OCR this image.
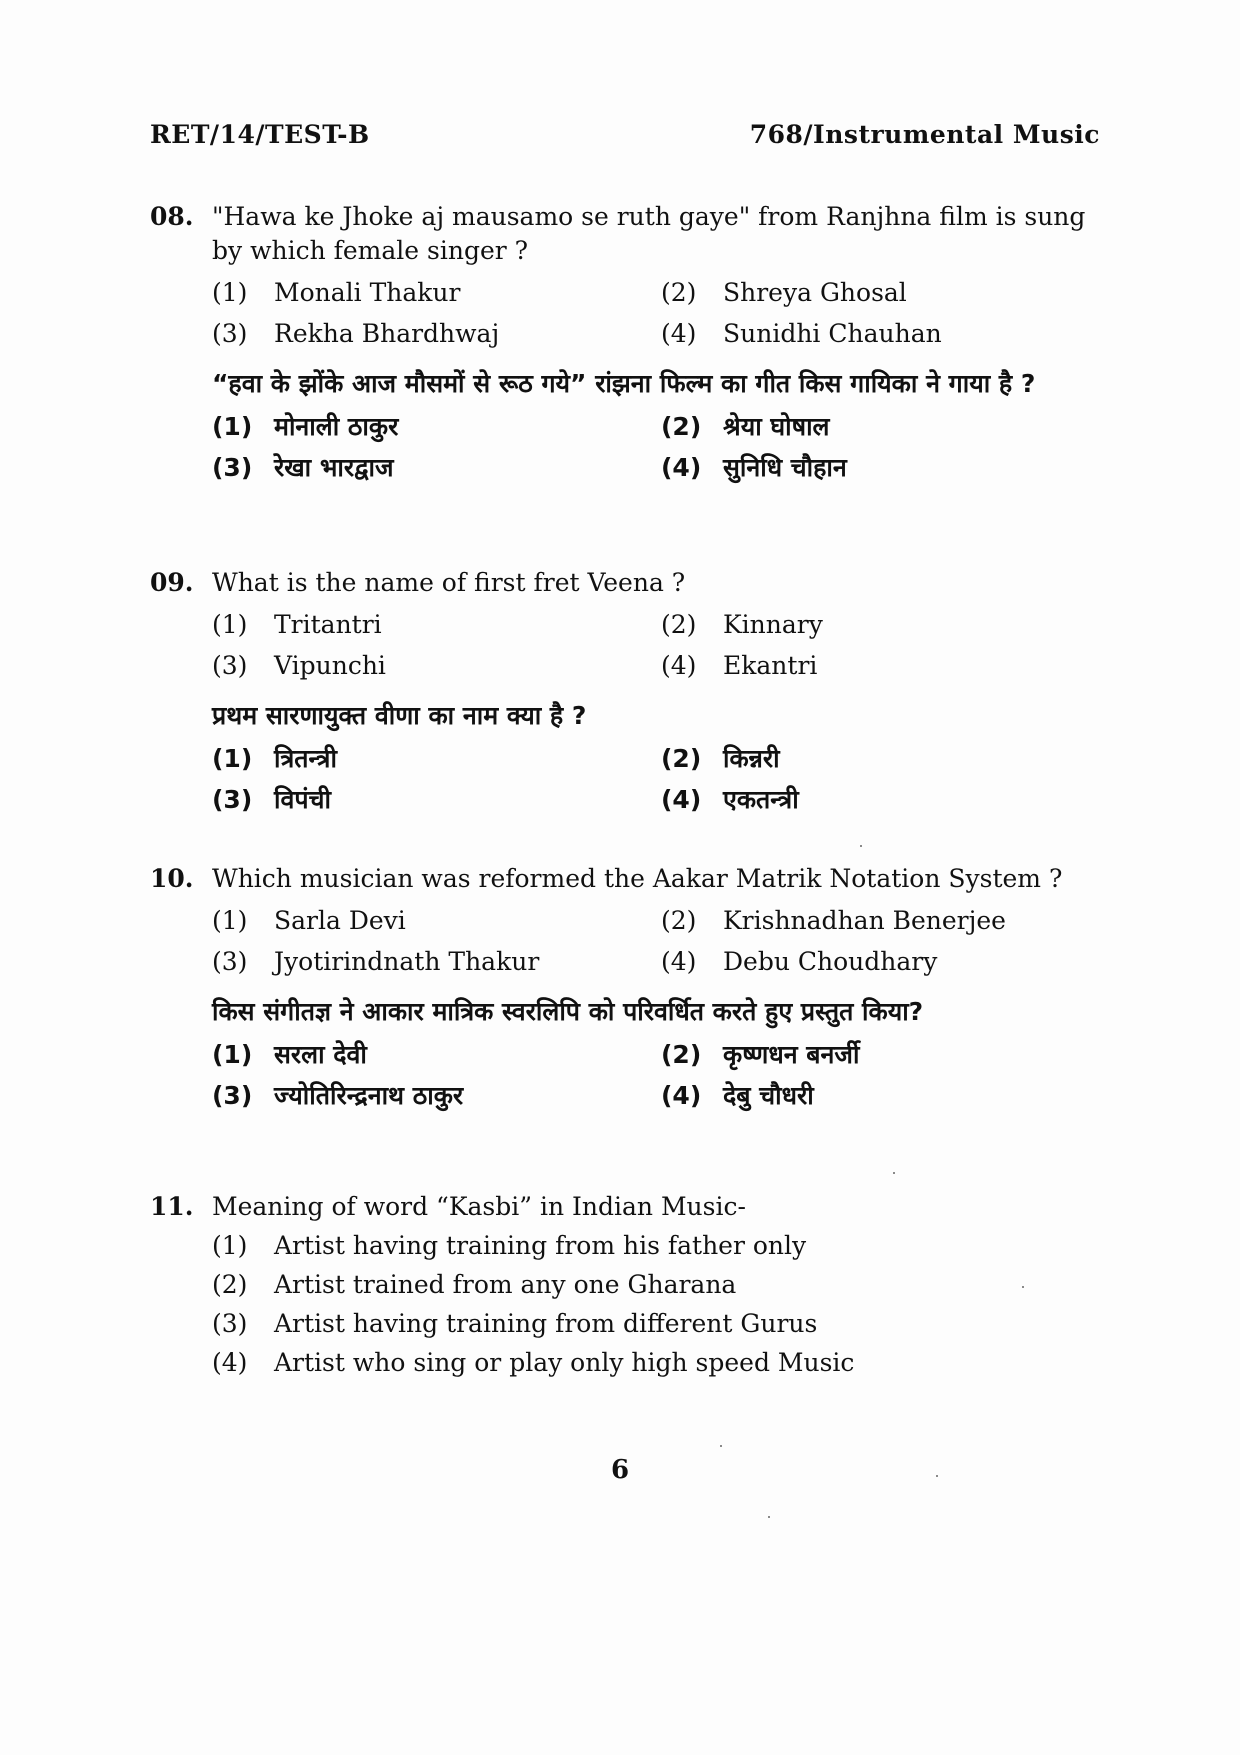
RET/14/TEST-B	768/Instrumental Music
08. "Hawa ke Jhoke aj mausamo se ruth gaye" from Ranjhna film is sung by which female singer ?
(1)	Monali Thakur	(2)	Shreya Ghosal
(3)	Rekha Bhardhwaj	(4)	Sunidhi Chauhan
“हवा के झोंके आज मौसमों से रूठ गये” रांझना फिल्म का गीत किस गायिका ने गाया है ?
(1) मोनाली ठाकुर	(2) श्रेया घोषाल
(3) रेखा भारद्वाज	(4) सुनिधि चौहान
09. What is the name of first fret Veena ?
(1)	Tritantri	(2)	Kinnary
(3)	Vipunchi	(4)	Ekantri
प्रथम सारणायुक्त वीणा का नाम क्या है ?
(1) त्रितन्त्री	(2) किन्नरी
(3) विपंची	(4) एकतन्त्री
10. Which musician was reformed the Aakar Matrik Notation System ?
(1)	Sarla Devi	(2)	Krishnadhan Benerjee
(3)	Jyotirindnath Thakur	(4)	Debu Choudhary
किस संगीतज्ञ ने आकार मात्रिक स्वरलिपि को परिवर्धित करते हुए प्रस्तुत किया?
(1) सरला देवी	(2) कृष्णधन बनर्जी
(3) ज्योतिरिन्द्रनाथ ठाकुर	(4) देबु चौधरी
11. Meaning of word “Kasbi” in Indian Music-
(1)	Artist having training from his father only
(2)	Artist trained from any one Gharana
(3)	Artist having training from different Gurus
(4)	Artist who sing or play only high speed Music
6
